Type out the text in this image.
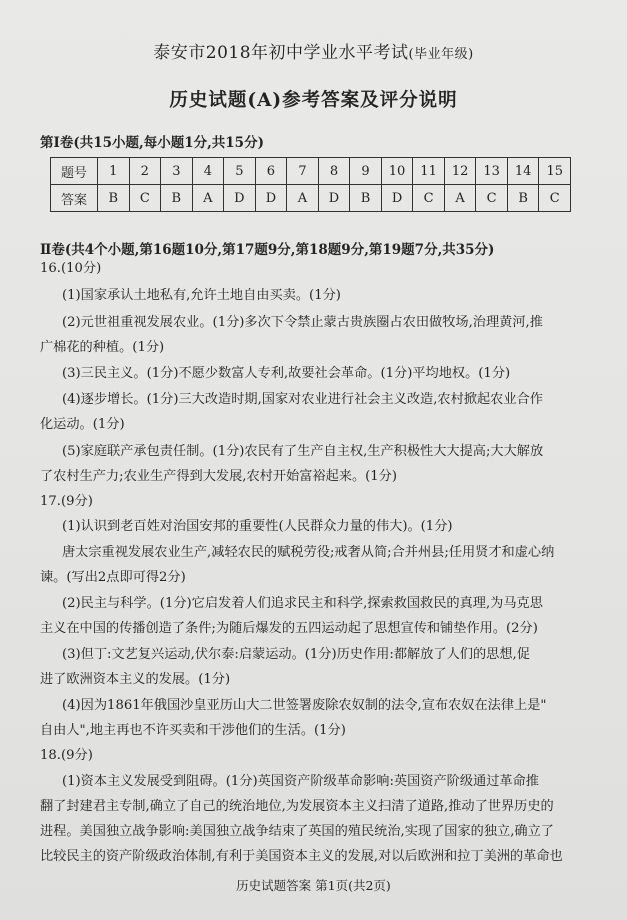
泰安市2018年初中学业水平考试(毕业年级)
历史试题(A)参考答案及评分说明
第Ⅰ卷(共15小题,每小题1分,共15分)
题号	1	2	3	4	5	6	7	8	9	10	11	12	13	14	15
答案	B	C	B	A	D	D	A	D	B	D	C	A	C	B	C
Ⅱ卷(共4个小题,第16题10分,第17题9分,第18题9分,第19题7分,共35分)
16.(10分)
(1)国家承认土地私有,允许土地自由买卖。(1分)
(2)元世祖重视发展农业。(1分)多次下令禁止蒙古贵族圈占农田做牧场,治理黄河,推
广棉花的种植。(1分)
(3)三民主义。(1分)不愿少数富人专利,故要社会革命。(1分)平均地权。(1分)
(4)逐步增长。(1分)三大改造时期,国家对农业进行社会主义改造,农村掀起农业合作
化运动。(1分)
(5)家庭联产承包责任制。(1分)农民有了生产自主权,生产积极性大大提高;大大解放
了农村生产力;农业生产得到大发展,农村开始富裕起来。(1分)
17.(9分)
(1)认识到老百姓对治国安邦的重要性(人民群众力量的伟大)。(1分)
唐太宗重视发展农业生产,减轻农民的赋税劳役;戒奢从简;合并州县;任用贤才和虚心纳
谏。(写出2点即可得2分)
(2)民主与科学。(1分)它启发着人们追求民主和科学,探索救国救民的真理,为马克思
主义在中国的传播创造了条件;为随后爆发的五四运动起了思想宣传和铺垫作用。(2分)
(3)但丁:文艺复兴运动,伏尔泰:启蒙运动。(1分)历史作用:都解放了人们的思想,促
进了欧洲资本主义的发展。(1分)
(4)因为1861年俄国沙皇亚历山大二世签署废除农奴制的法令,宣布农奴在法律上是"
自由人",地主再也不许买卖和干涉他们的生活。(1分)
18.(9分)
(1)资本主义发展受到阻碍。(1分)英国资产阶级革命影响:英国资产阶级通过革命推
翻了封建君主专制,确立了自己的统治地位,为发展资本主义扫清了道路,推动了世界历史的
进程。美国独立战争影响:美国独立战争结束了英国的殖民统治,实现了国家的独立,确立了
比较民主的资产阶级政治体制,有利于美国资本主义的发展,对以后欧洲和拉丁美洲的革命也
历史试题答案 第1页(共2页)
